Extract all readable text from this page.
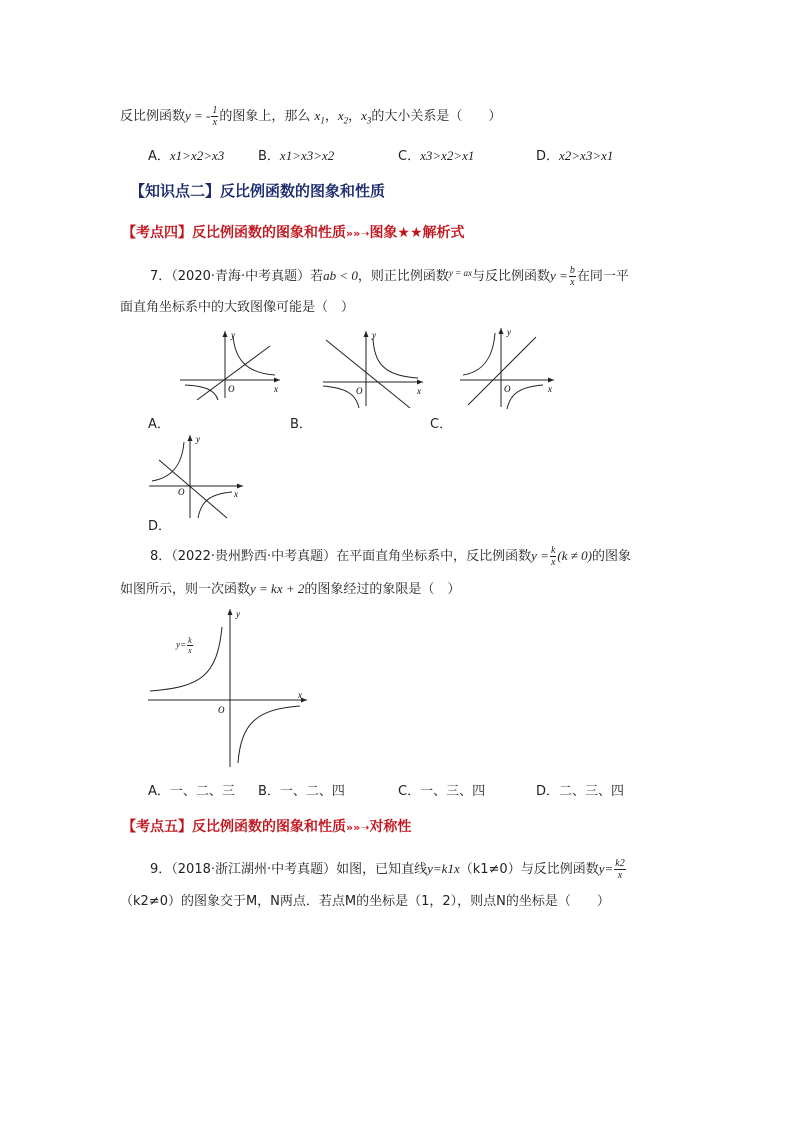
反比例函数y = - $\frac{1}{x}$ 的图象上，那么 $x_1$，$x_2$，$x_3$的大小关系是（　　）
A．x1>x2>x3	B．x1>x3>x2	C．x3>x2>x1	D．x2>x3>x1
【知识点二】反比例函数的图象和性质
【考点四】反比例函数的图象和性质»»➝图象★★解析式
7．（2020·青海·中考真题）若ab < 0，则正比例函数$^{y = ax}$与反比例函数$y = \frac{b}{x}$ 在同一平
面直角坐标系中的大致图像可能是（　）
y
x
O
y
x
O
y
x
O
A．	B．	C．
y
x
O
D．
8．（2022·贵州黔西·中考真题）在平面直角坐标系中，反比例函数$y = \frac{k}{x} (k \ne 0)$的图象
如图所示，则一次函数y = kx + 2的图象经过的象限是（　）
y
x
O
$y= \frac{k}{x}$
A．一、二、三 B．一、二、四	C．一、三、四	D．二、三、四
【考点五】反比例函数的图象和性质»»➝对称性
9．（2018·浙江湖州·中考真题）如图，已知直线y=k1x（k1≠0）与反比例函数$y= \frac{k2}{x}$
（k2≠0）的图象交于M，N两点．若点M的坐标是（1，2），则点N的坐标是（　　）
